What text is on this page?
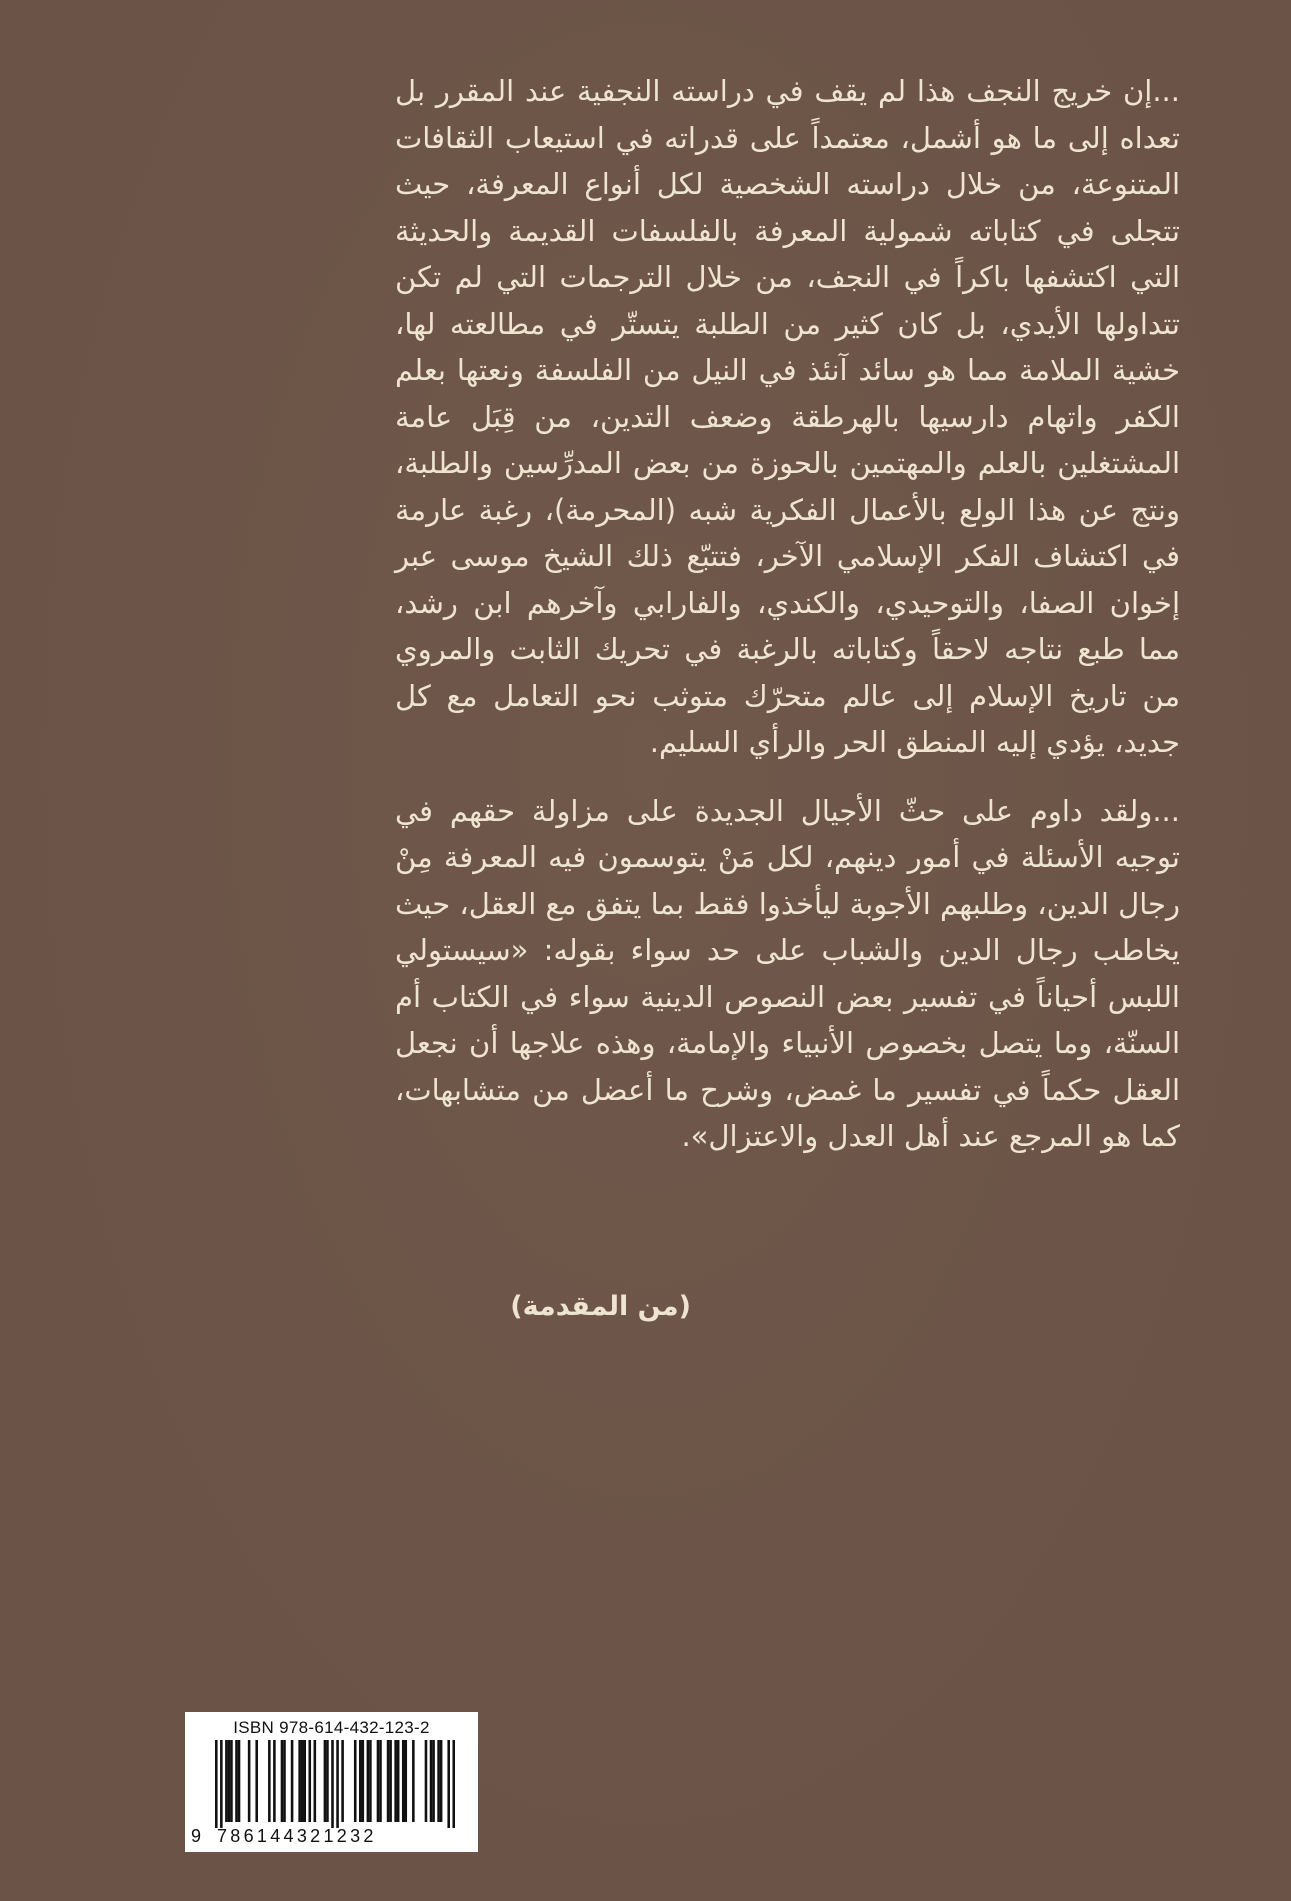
...إن خريج النجف هذا لم يقف في دراسته النجفية عند المقرر بل تعداه إلى ما هو أشمل، معتمداً على قدراته في استيعاب الثقافات المتنوعة، من خلال دراسته الشخصية لكل أنواع المعرفة، حيث تتجلى في كتاباته شمولية المعرفة بالفلسفات القديمة والحديثة التي اكتشفها باكراً في النجف، من خلال الترجمات التي لم تكن تتداولها الأيدي، بل كان كثير من الطلبة يتستّر في مطالعته لها، خشية الملامة مما هو سائد آنئذ في النيل من الفلسفة ونعتها بعلم الكفر واتهام دارسيها بالهرطقة وضعف التدين، من قِبَل عامة المشتغلين بالعلم والمهتمين بالحوزة من بعض المدرِّسين والطلبة، ونتج عن هذا الولع بالأعمال الفكرية شبه (المحرمة)، رغبة عارمة في اكتشاف الفكر الإسلامي الآخر، فتتبّع ذلك الشيخ موسى عبر إخوان الصفا، والتوحيدي، والكندي، والفارابي وآخرهم ابن رشد، مما طبع نتاجه لاحقاً وكتاباته بالرغبة في تحريك الثابت والمروي من تاريخ الإسلام إلى عالم متحرّك متوثب نحو التعامل مع كل جديد، يؤدي إليه المنطق الحر والرأي السليم.

...ولقد داوم على حثّ الأجيال الجديدة على مزاولة حقهم في توجيه الأسئلة في أمور دينهم، لكل مَنْ يتوسمون فيه المعرفة مِنْ رجال الدين، وطلبهم الأجوبة ليأخذوا فقط بما يتفق مع العقل، حيث يخاطب رجال الدين والشباب على حد سواء بقوله: «سيستولي اللبس أحياناً في تفسير بعض النصوص الدينية سواء في الكتاب أم السنّة، وما يتصل بخصوص الأنبياء والإمامة، وهذه علاجها أن نجعل العقل حكماً في تفسير ما غمض، وشرح ما أعضل من متشابهات، كما هو المرجع عند أهل العدل والاعتزال».

(من المقدمة)
ISBN 978-614-432-123-2
9 786144321232
